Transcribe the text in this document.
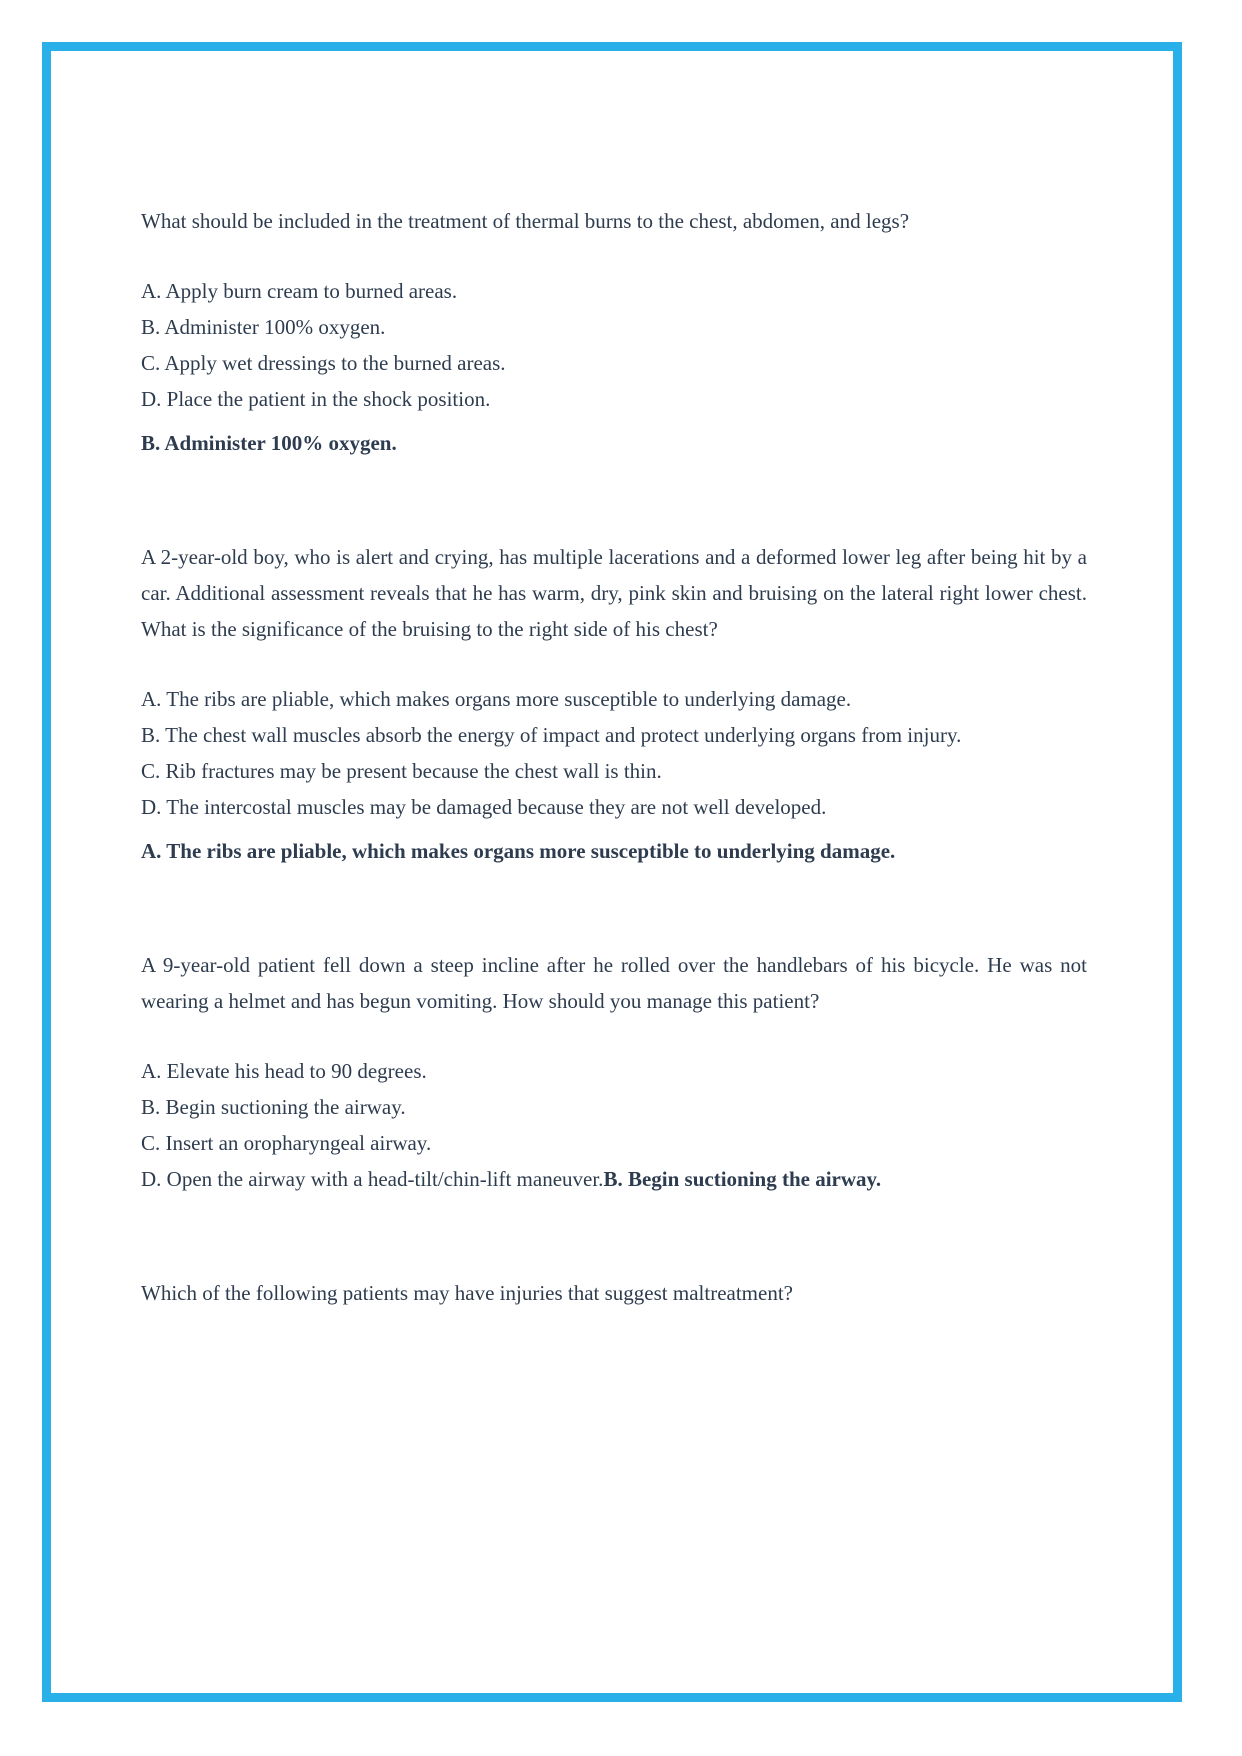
What should be included in the treatment of thermal burns to the chest, abdomen, and legs?

A. Apply burn cream to burned areas.

B. Administer 100% oxygen.

C. Apply wet dressings to the burned areas.

D. Place the patient in the shock position.

B. Administer 100% oxygen.

A 2-year-old boy, who is alert and crying, has multiple lacerations and a deformed lower leg after being hit by a car. Additional assessment reveals that he has warm, dry, pink skin and bruising on the lateral right lower chest. What is the significance of the bruising to the right side of his chest?

A. The ribs are pliable, which makes organs more susceptible to underlying damage.

B. The chest wall muscles absorb the energy of impact and protect underlying organs from injury.

C. Rib fractures may be present because the chest wall is thin.

D. The intercostal muscles may be damaged because they are not well developed.

A. The ribs are pliable, which makes organs more susceptible to underlying damage.

A 9-year-old patient fell down a steep incline after he rolled over the handlebars of his bicycle. He was not wearing a helmet and has begun vomiting. How should you manage this patient?

A. Elevate his head to 90 degrees.

B. Begin suctioning the airway.

C. Insert an oropharyngeal airway.

D. Open the airway with a head-tilt/chin-lift maneuver.B. Begin suctioning the airway.

Which of the following patients may have injuries that suggest maltreatment?
